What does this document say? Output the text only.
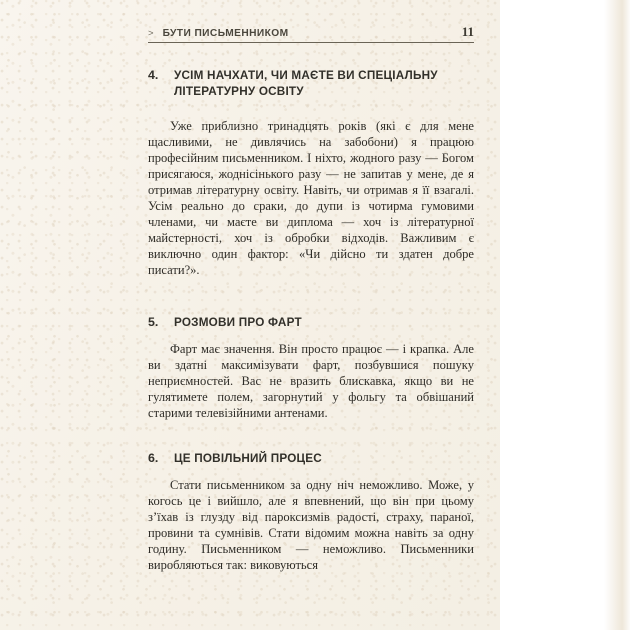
> БУТИ ПИСЬМЕННИКОМ	11
4.	УСІМ НАЧХАТИ, ЧИ МАЄТЕ ВИ СПЕЦІАЛЬНУ ЛІТЕРАТУРНУ ОСВІТУ

Уже приблизно тринадцять років (які є для мене щасливими, не дивлячись на забобони) я працюю професійним письменником. І ніхто, жодного разу — Богом присягаюся, жоднісінького разу — не запитав у мене, де я отримав літературну освіту. Навіть, чи отримав я її взагалі. Усім реально до сраки, до дупи із чотирма гумовими членами, чи маєте ви диплома — хоч із літературної майстерності, хоч із обробки відходів. Важливим є виключно один фактор: «Чи дійсно ти здатен добре писати?».

5.	РОЗМОВИ ПРО ФАРТ

Фарт має значення. Він просто працює — і крапка. Але ви здатні максимізувати фарт, позбувшися пошуку неприємностей. Вас не вразить блискавка, якщо ви не гулятимете полем, загорнутий у фольгу та обвішаний старими телевізійними антенами.

6.	ЦЕ ПОВІЛЬНИЙ ПРОЦЕС

Стати письменником за одну ніч неможливо. Може, у когось це і вийшло, але я впевнений, що він при цьому з’їхав із глузду від пароксизмів радості, страху, параної, провини та сумнівів. Стати відомим можна навіть за одну годину. Письменником — неможливо. Письменники виробляються так: виковуються
